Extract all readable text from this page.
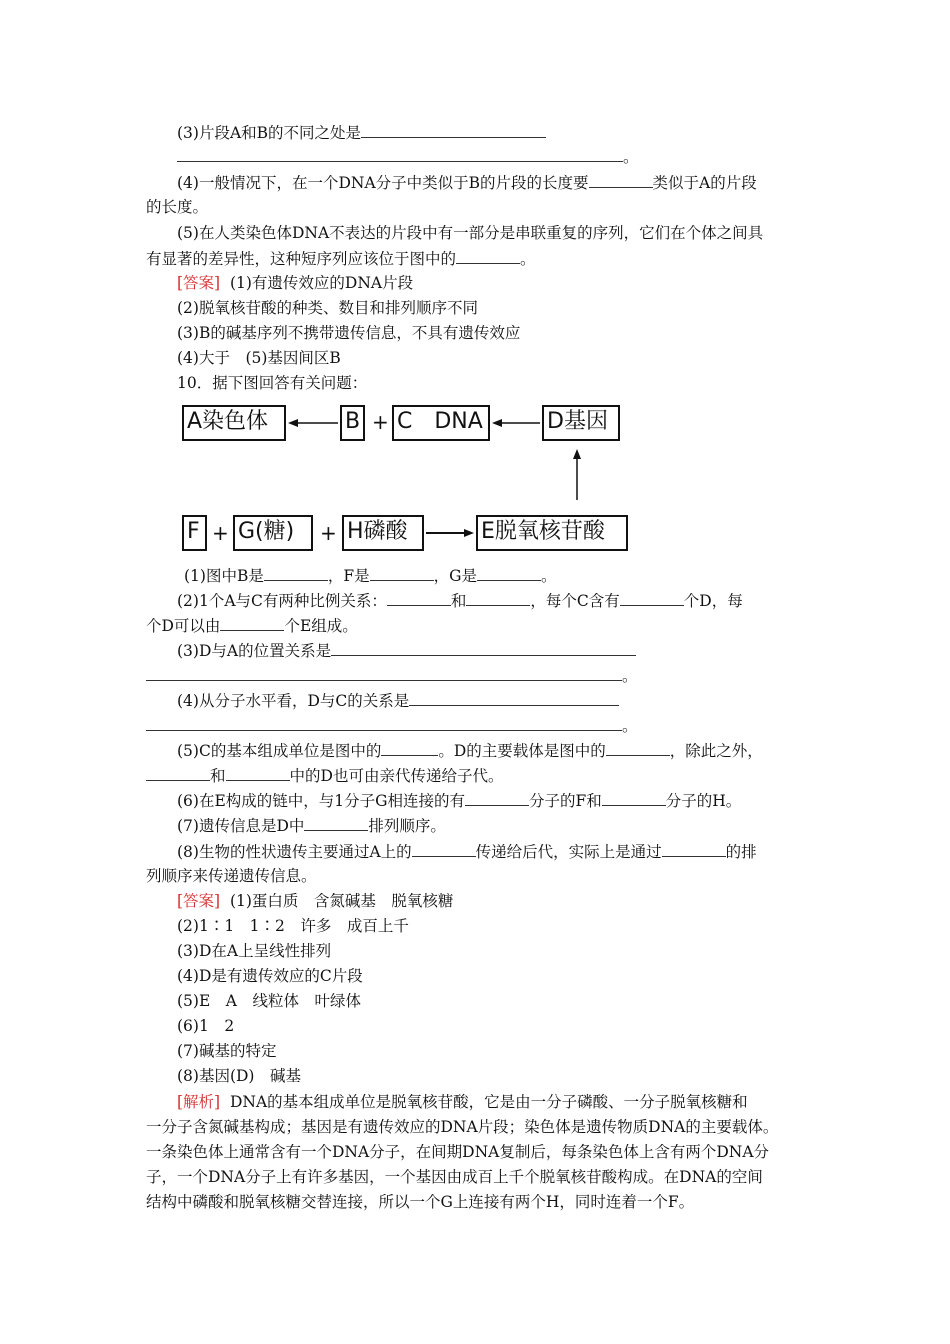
(3)片段A和B的不同之处是
。
(4)一般情况下，在一个DNA分子中类似于B的片段的长度要	类似于A的片段
的长度。
(5)在人类染色体DNA不表达的片段中有一部分是串联重复的序列，它们在个体之间具
有显著的差异性，这种短序列应该位于图中的	。
[答案] (1)有遗传效应的DNA片段
(2)脱氧核苷酸的种类、数目和排列顺序不同
(3)B的碱基序列不携带遗传信息，不具有遗传效应
(4)大于　(5)基因间区B
10．据下图回答有关问题：
A染色体	B + C　DNA	D基因
F + G(糖)	+ H磷酸	E脱氧核苷酸
(1)图中B是	，F是	，G是	。
(2)1个A与C有两种比例关系：	和	，每个C含有	个D，每
个D可以由	个E组成。
(3)D与A的位置关系是
。
(4)从分子水平看，D与C的关系是
。
(5)C的基本组成单位是图中的	。D的主要载体是图中的	，除此之外，
和	中的D也可由亲代传递给子代。
(6)在E构成的链中，与1分子G相连接的有	分子的F和	分子的H。
(7)遗传信息是D中	排列顺序。
(8)生物的性状遗传主要通过A上的	传递给后代，实际上是通过	的排
列顺序来传递遗传信息。
[答案] (1)蛋白质　含氮碱基　脱氧核糖
(2)1∶1　1∶2　许多　成百上千
(3)D在A上呈线性排列
(4)D是有遗传效应的C片段
(5)E　A　线粒体　叶绿体
(6)1　2
(7)碱基的特定
(8)基因(D)　碱基
[解析] DNA的基本组成单位是脱氧核苷酸，它是由一分子磷酸、一分子脱氧核糖和
一分子含氮碱基构成；基因是有遗传效应的DNA片段；染色体是遗传物质DNA的主要载体。
一条染色体上通常含有一个DNA分子，在间期DNA复制后，每条染色体上含有两个DNA分
子，一个DNA分子上有许多基因，一个基因由成百上千个脱氧核苷酸构成。在DNA的空间
结构中磷酸和脱氧核糖交替连接，所以一个G上连接有两个H，同时连着一个F。
